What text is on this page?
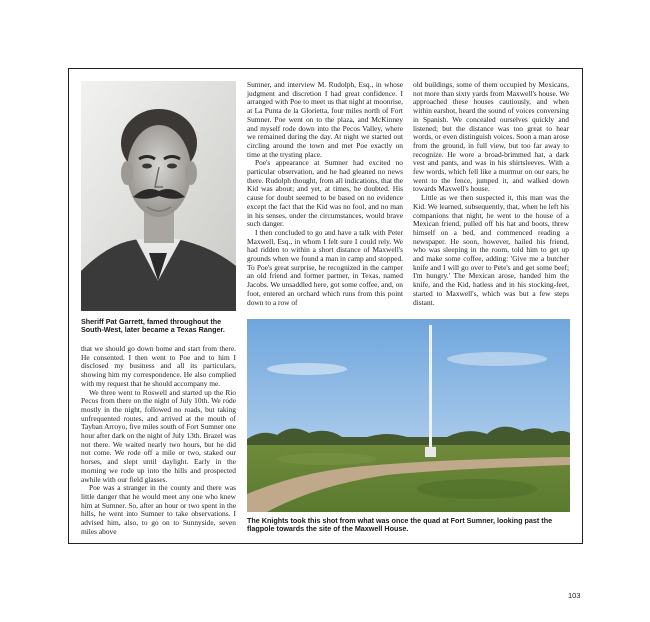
Sheriff Pat Garrett, famed throughout the South-West, later became a Texas Ranger.

that we should go down home and start from there. He consented. I then went to Poe and to him I disclosed my business and all its particulars, showing him my correspondence. He also complied with my request that he should accompany me.

We three went to Roswell and started up the Rio Pecos from there on the night of July 10th. We rode mostly in the night, followed no roads, but taking unfrequented routes, and arrived at the mouth of Tayban Arroyo, five miles south of Fort Sumner one hour after dark on the night of July 13th. Brazel was not there. We waited nearly two hours, but he did not come. We rode off a mile or two, staked our horses, and slept until daylight. Early in the morning we rode up into the hills and prospected awhile with our field glasses.

Poe was a stranger in the county and there was little danger that he would meet any one who knew him at Sumner. So, after an hour or two spent in the hills, he went into Sumner to take observations. I advised him, also, to go on to Sunnyside, seven miles above

Sumner, and interview M. Rudolph, Esq., in whose judgment and discretion I had great confidence. I arranged with Poe to meet us that night at moonrise, at La Punta de la Glorietta, four miles north of Fort Sumner. Poe went on to the plaza, and McKinney and myself rode down into the Pecos Valley, where we remained during the day. At night we started out circling around the town and met Poe exactly on time at the trysting place.

Poe's appearance at Sumner had excited no particular observation, and he had gleaned no news there. Rudolph thought, from all indications, that the Kid was about; and yet, at times, he doubted. His cause for doubt seemed to be based on no evidence except the fact that the Kid was no fool, and no man in his senses, under the circumstances, would brave such danger.

I then concluded to go and have a talk with Peter Maxwell, Esq., in whom I felt sure I could rely. We had ridden to within a short distance of Maxwell's grounds when we found a man in camp and stopped. To Poe's great surprise, he recognized in the camper an old friend and former partner, in Texas, named Jacobs. We unsaddled here, got some coffee, and, on foot, entered an orchard which runs from this point down to a row of

old buildings, some of them occupied by Mexicans, not more than sixty yards from Maxwell's house. We approached these houses cautiously, and when within earshot, heard the sound of voices conversing in Spanish. We concealed ourselves quickly and listened; but the distance was too great to hear words, or even distinguish voices. Soon a man arose from the ground, in full view, but too far away to recognize. He wore a broad-brimmed hat, a dark vest and pants, and was in his shirtsleeves. With a few words, which fell like a murmur on our ears, he went to the fence, jumped it, and walked down towards Maxwell's house.

Little as we then suspected it, this man was the Kid. We learned, subsequently, that, when he left his companions that night, he went to the house of a Mexican friend, pulled off his hat and boots, threw himself on a bed, and commenced reading a newspaper. He soon, however, hailed his friend, who was sleeping in the room, told him to get up and make some coffee, adding: 'Give me a butcher knife and I will go over to Pete's and get some beef; I'm hungry.' The Mexican arose, handed him the knife, and the Kid, hatless and in his stocking-feet, started to Maxwell's, which was but a few steps distant.

The Knights took this shot from what was once the quad at Fort Sumner, looking past the flagpole towards the site of the Maxwell House.
103
